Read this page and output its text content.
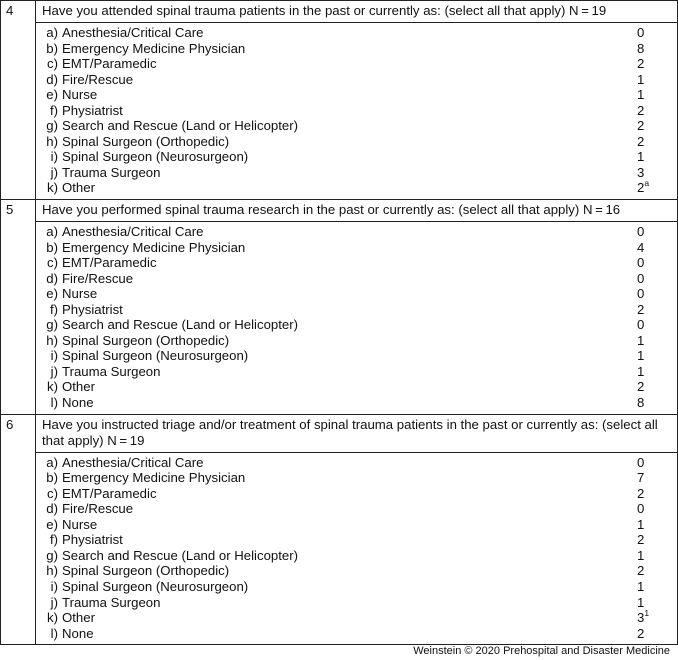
4	Have you attended spinal trauma patients in the past or currently as: (select all that apply) N = 19
a) Anesthesia/Critical Care	0
b) Emergency Medicine Physician	8
c) EMT/Paramedic	2
d) Fire/Rescue	1
e) Nurse	1
f) Physiatrist	2
g) Search and Rescue (Land or Helicopter)	2
h) Spinal Surgeon (Orthopedic)	2
i) Spinal Surgeon (Neurosurgeon)	1
j) Trauma Surgeon	3
k) Other	2$^a$
5	Have you performed spinal trauma research in the past or currently as: (select all that apply) N = 16
a) Anesthesia/Critical Care	0
b) Emergency Medicine Physician	4
c) EMT/Paramedic	0
d) Fire/Rescue	0
e) Nurse	0
f) Physiatrist	2
g) Search and Rescue (Land or Helicopter)	0
h) Spinal Surgeon (Orthopedic)	1
i) Spinal Surgeon (Neurosurgeon)	1
j) Trauma Surgeon	1
k) Other	2
l) None	8
6	Have you instructed triage and/or treatment of spinal trauma patients in the past or currently as: (select all that apply) N = 19
a) Anesthesia/Critical Care	0
b) Emergency Medicine Physician	7
c) EMT/Paramedic	2
d) Fire/Rescue	0
e) Nurse	1
f) Physiatrist	2
g) Search and Rescue (Land or Helicopter)	1
h) Spinal Surgeon (Orthopedic)	2
i) Spinal Surgeon (Neurosurgeon)	1
j) Trauma Surgeon	1
k) Other	$3^1$
l) None	2
Weinstein © 2020 Prehospital and Disaster Medicine
